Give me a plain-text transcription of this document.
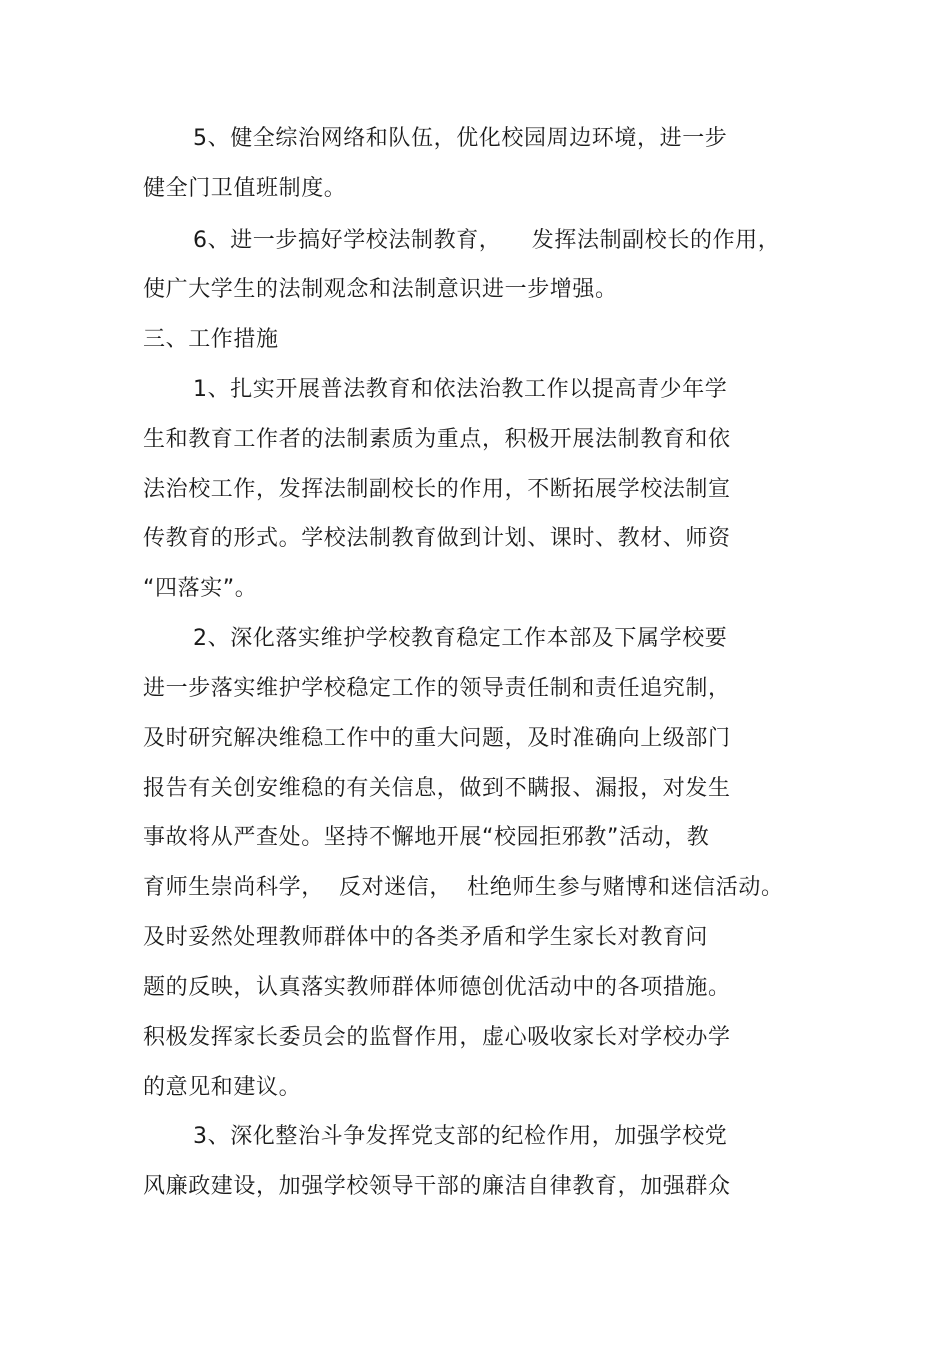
5、健全综治网络和队伍，优化校园周边环境，进一步
健全门卫值班制度。
6、进一步搞好学校法制教育，    发挥法制副校长的作用，
使广大学生的法制观念和法制意识进一步增强。
三、工作措施
1、扎实开展普法教育和依法治教工作以提高青少年学
生和教育工作者的法制素质为重点，积极开展法制教育和依
法治校工作，发挥法制副校长的作用，不断拓展学校法制宣
传教育的形式。学校法制教育做到计划、课时、教材、师资
“四落实”。
2、深化落实维护学校教育稳定工作本部及下属学校要
进一步落实维护学校稳定工作的领导责任制和责任追究制，
及时研究解决维稳工作中的重大问题，及时准确向上级部门
报告有关创安维稳的有关信息，做到不瞒报、漏报，对发生
事故将从严查处。坚持不懈地开展“校园拒邪教”活动，教
育师生崇尚科学，  反对迷信，  杜绝师生参与赌博和迷信活动。
及时妥然处理教师群体中的各类矛盾和学生家长对教育问
题的反映，认真落实教师群体师德创优活动中的各项措施。
积极发挥家长委员会的监督作用，虚心吸收家长对学校办学
的意见和建议。
3、深化整治斗争发挥党支部的纪检作用，加强学校党
风廉政建设，加强学校领导干部的廉洁自律教育，加强群众
